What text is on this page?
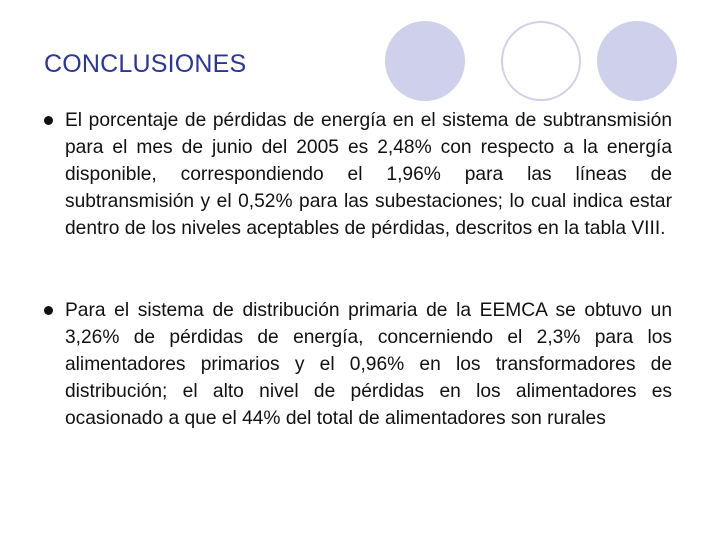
CONCLUSIONES

El porcentaje de pérdidas de energía en el sistema de subtransmisión para el mes de junio del 2005 es 2,48% con respecto a la energía disponible, correspondiendo el 1,96% para las líneas de subtransmisión y el 0,52% para las subestaciones; lo cual indica estar dentro de los niveles aceptables de pérdidas, descritos en la tabla VIII.

Para el sistema de distribución primaria de la EEMCA se obtuvo un 3,26% de pérdidas de energía, concerniendo el 2,3% para los alimentadores primarios y el 0,96% en los transformadores de distribución; el alto nivel de pérdidas en los alimentadores es ocasionado a que el 44% del total de alimentadores son rurales
